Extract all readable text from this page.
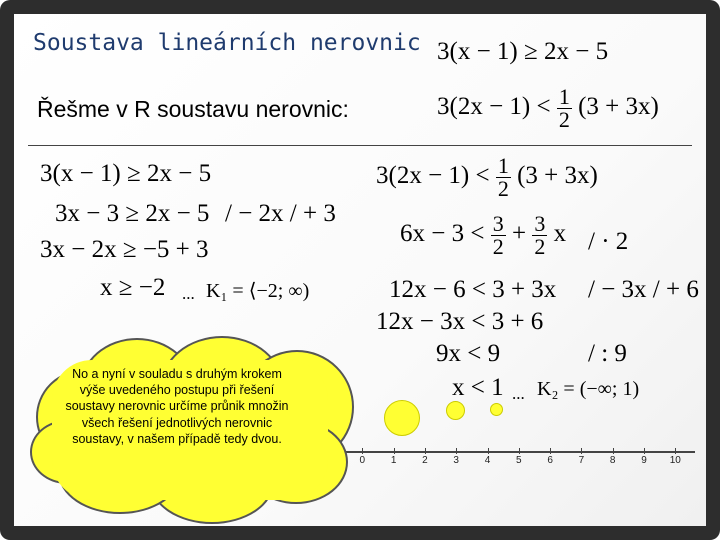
Soustava lineárních nerovnic
Řešme v R soustavu nerovnic:
3(x − 1) ≥ 2x − 5
$3(2x - 1) < \frac{1}{2} (3 + 3x)$
3(x − 1) ≥ 2x − 5
3x − 3 ≥ 2x − 5 / − 2x / + 3
3x − 2x ≥ −5 + 3
x ≥ −2 ... K₁ = ⟨−2; ∞)
$3(2x - 1) < \frac{1}{2} (3 + 3x)$
$6x - 3 < \frac{3}{2} + \frac{3}{2}$ x / · 2
12x − 6 < 3 + 3x / − 3x / + 6
12x − 3x < 3 + 6
9x < 9	/ : 9
x < 1 ... K₂ = (−∞; 1)
0	1	2	3	4	5	6	7	8	9	10
No a nyní v souladu s druhým krokem výše uvedeného postupu při řešení soustavy nerovnic určíme průnik množin všech řešení jednotlivých nerovnic soustavy, v našem případě tedy dvou.
